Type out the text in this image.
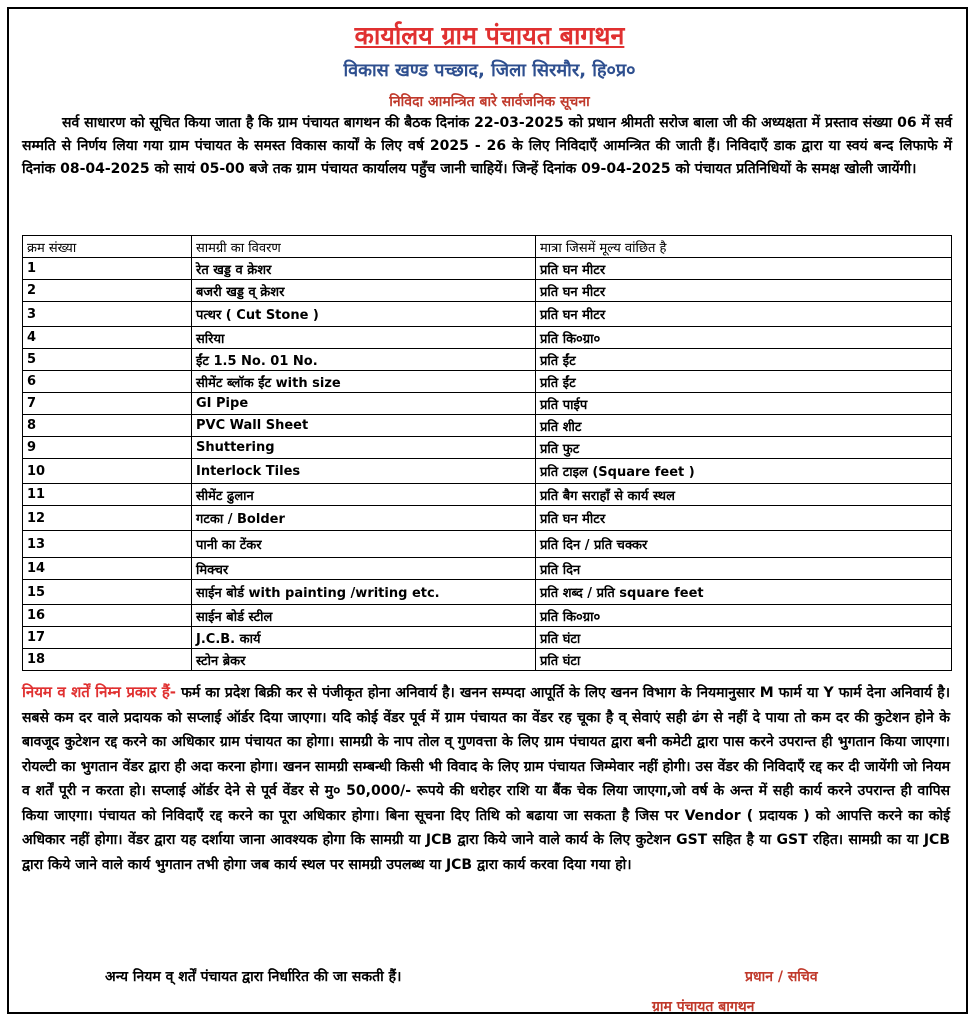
कार्यालय ग्राम पंचायत बागथन
विकास खण्ड पच्छाद, जिला सिरमौर, हि०प्र०
निविदा आमन्त्रित बारे सार्वजनिक सूचना
सर्व साधारण को सूचित किया जाता है कि ग्राम पंचायत बागथन की बैठक दिनांक 22-03-2025 को प्रधान श्रीमती सरोज बाला जी की अध्यक्षता में प्रस्ताव संख्या 06 में सर्व सम्मति से निर्णय लिया गया ग्राम पंचायत के समस्त विकास कार्यों के लिए वर्ष 2025 - 26 के लिए निविदाएँ आमन्त्रित की जाती हैं। निविदाएँ डाक द्वारा या स्वयं बन्द लिफाफे में दिनांक 08-04-2025 को सायं 05-00 बजे तक ग्राम पंचायत कार्यालय पहुँच जानी चाहियें। जिन्हें दिनांक 09-04-2025 को पंचायत प्रतिनिधियों के समक्ष खोली जायेंगी।
क्रम संख्या	सामग्री का विवरण	मात्रा जिसमें मूल्य वांछित है
1	रेत खड्ड व क्रेशर	प्रति घन मीटर
2	बजरी खड्ड व् क्रेशर	प्रति घन मीटर
3	पत्थर ( Cut Stone )	प्रति घन मीटर
4	सरिया	प्रति कि०ग्रा०
5	ईंट 1.5 No. 01 No.	प्रति ईंट
6	सीमेंट ब्लॉक ईंट with size	प्रति ईंट
7	GI Pipe	प्रति पाईप
8	PVC Wall Sheet	प्रति शीट
9	Shuttering	प्रति फुट
10	Interlock Tiles	प्रति टाइल (Square feet )
11	सीमेंट ढुलान	प्रति बैग सराहाँ से कार्य स्थल
12	गटका / Bolder	प्रति घन मीटर
13	पानी का टेंकर	प्रति दिन / प्रति चक्कर
14	मिक्चर	प्रति दिन
15	साईन बोर्ड with painting /writing etc.	प्रति शब्द / प्रति square feet
16	साईन बोर्ड स्टील	प्रति कि०ग्रा०
17	J.C.B. कार्य	प्रति घंटा
18	स्टोन ब्रेकर	प्रति घंटा
नियम व शर्तें निम्न प्रकार हैं- फर्म का प्रदेश बिक्री कर से पंजीकृत होना अनिवार्य है। खनन सम्पदा आपूर्ति के लिए खनन विभाग के नियमानुसार M फार्म या Y फार्म देना अनिवार्य है। सबसे कम दर वाले प्रदायक को सप्लाई ऑर्डर दिया जाएगा। यदि कोई वेंडर पूर्व में ग्राम पंचायत का वेंडर रह चूका है व् सेवाएं सही ढंग से नहीं दे पाया तो कम दर की कुटेशन होने के बावजूद कुटेशन रद्द करने का अधिकार ग्राम पंचायत का होगा। सामग्री के नाप तोल व् गुणवत्ता के लिए ग्राम पंचायत द्वारा बनी कमेटी द्वारा पास करने उपरान्त ही भुगतान किया जाएगा। रोयल्टी का भुगतान वेंडर द्वारा ही अदा करना होगा। खनन सामग्री सम्बन्धी किसी भी विवाद के लिए ग्राम पंचायत जिम्मेवार नहीं होगी। उस वेंडर की निविदाएँ रद्द कर दी जायेंगी जो नियम व शर्तें पूरी न करता हो। सप्लाई ऑर्डर देने से पूर्व वेंडर से मु० 50,000/- रूपये की धरोहर राशि या बैंक चेक लिया जाएगा,जो वर्ष के अन्त में सही कार्य करने उपरान्त ही वापिस किया जाएगा। पंचायत को निविदाएँ रद्द करने का पूरा अधिकार होगा। बिना सूचना दिए तिथि को बढाया जा सकता है जिस पर Vendor ( प्रदायक ) को आपत्ति करने का कोई अधिकार नहीं होगा। वेंडर द्वारा यह दर्शाया जाना आवश्यक होगा कि सामग्री या JCB द्वारा किये जाने वाले कार्य के लिए कुटेशन GST सहित है या GST रहित। सामग्री का या JCB द्वारा किये जाने वाले कार्य भुगतान तभी होगा जब कार्य स्थल पर सामग्री उपलब्ध या JCB द्वारा कार्य करवा दिया गया हो।
अन्य नियम व् शर्तें पंचायत द्वारा निर्धारित की जा सकती हैं।	प्रधान / सचिव
ग्राम पंचायत बागथन
